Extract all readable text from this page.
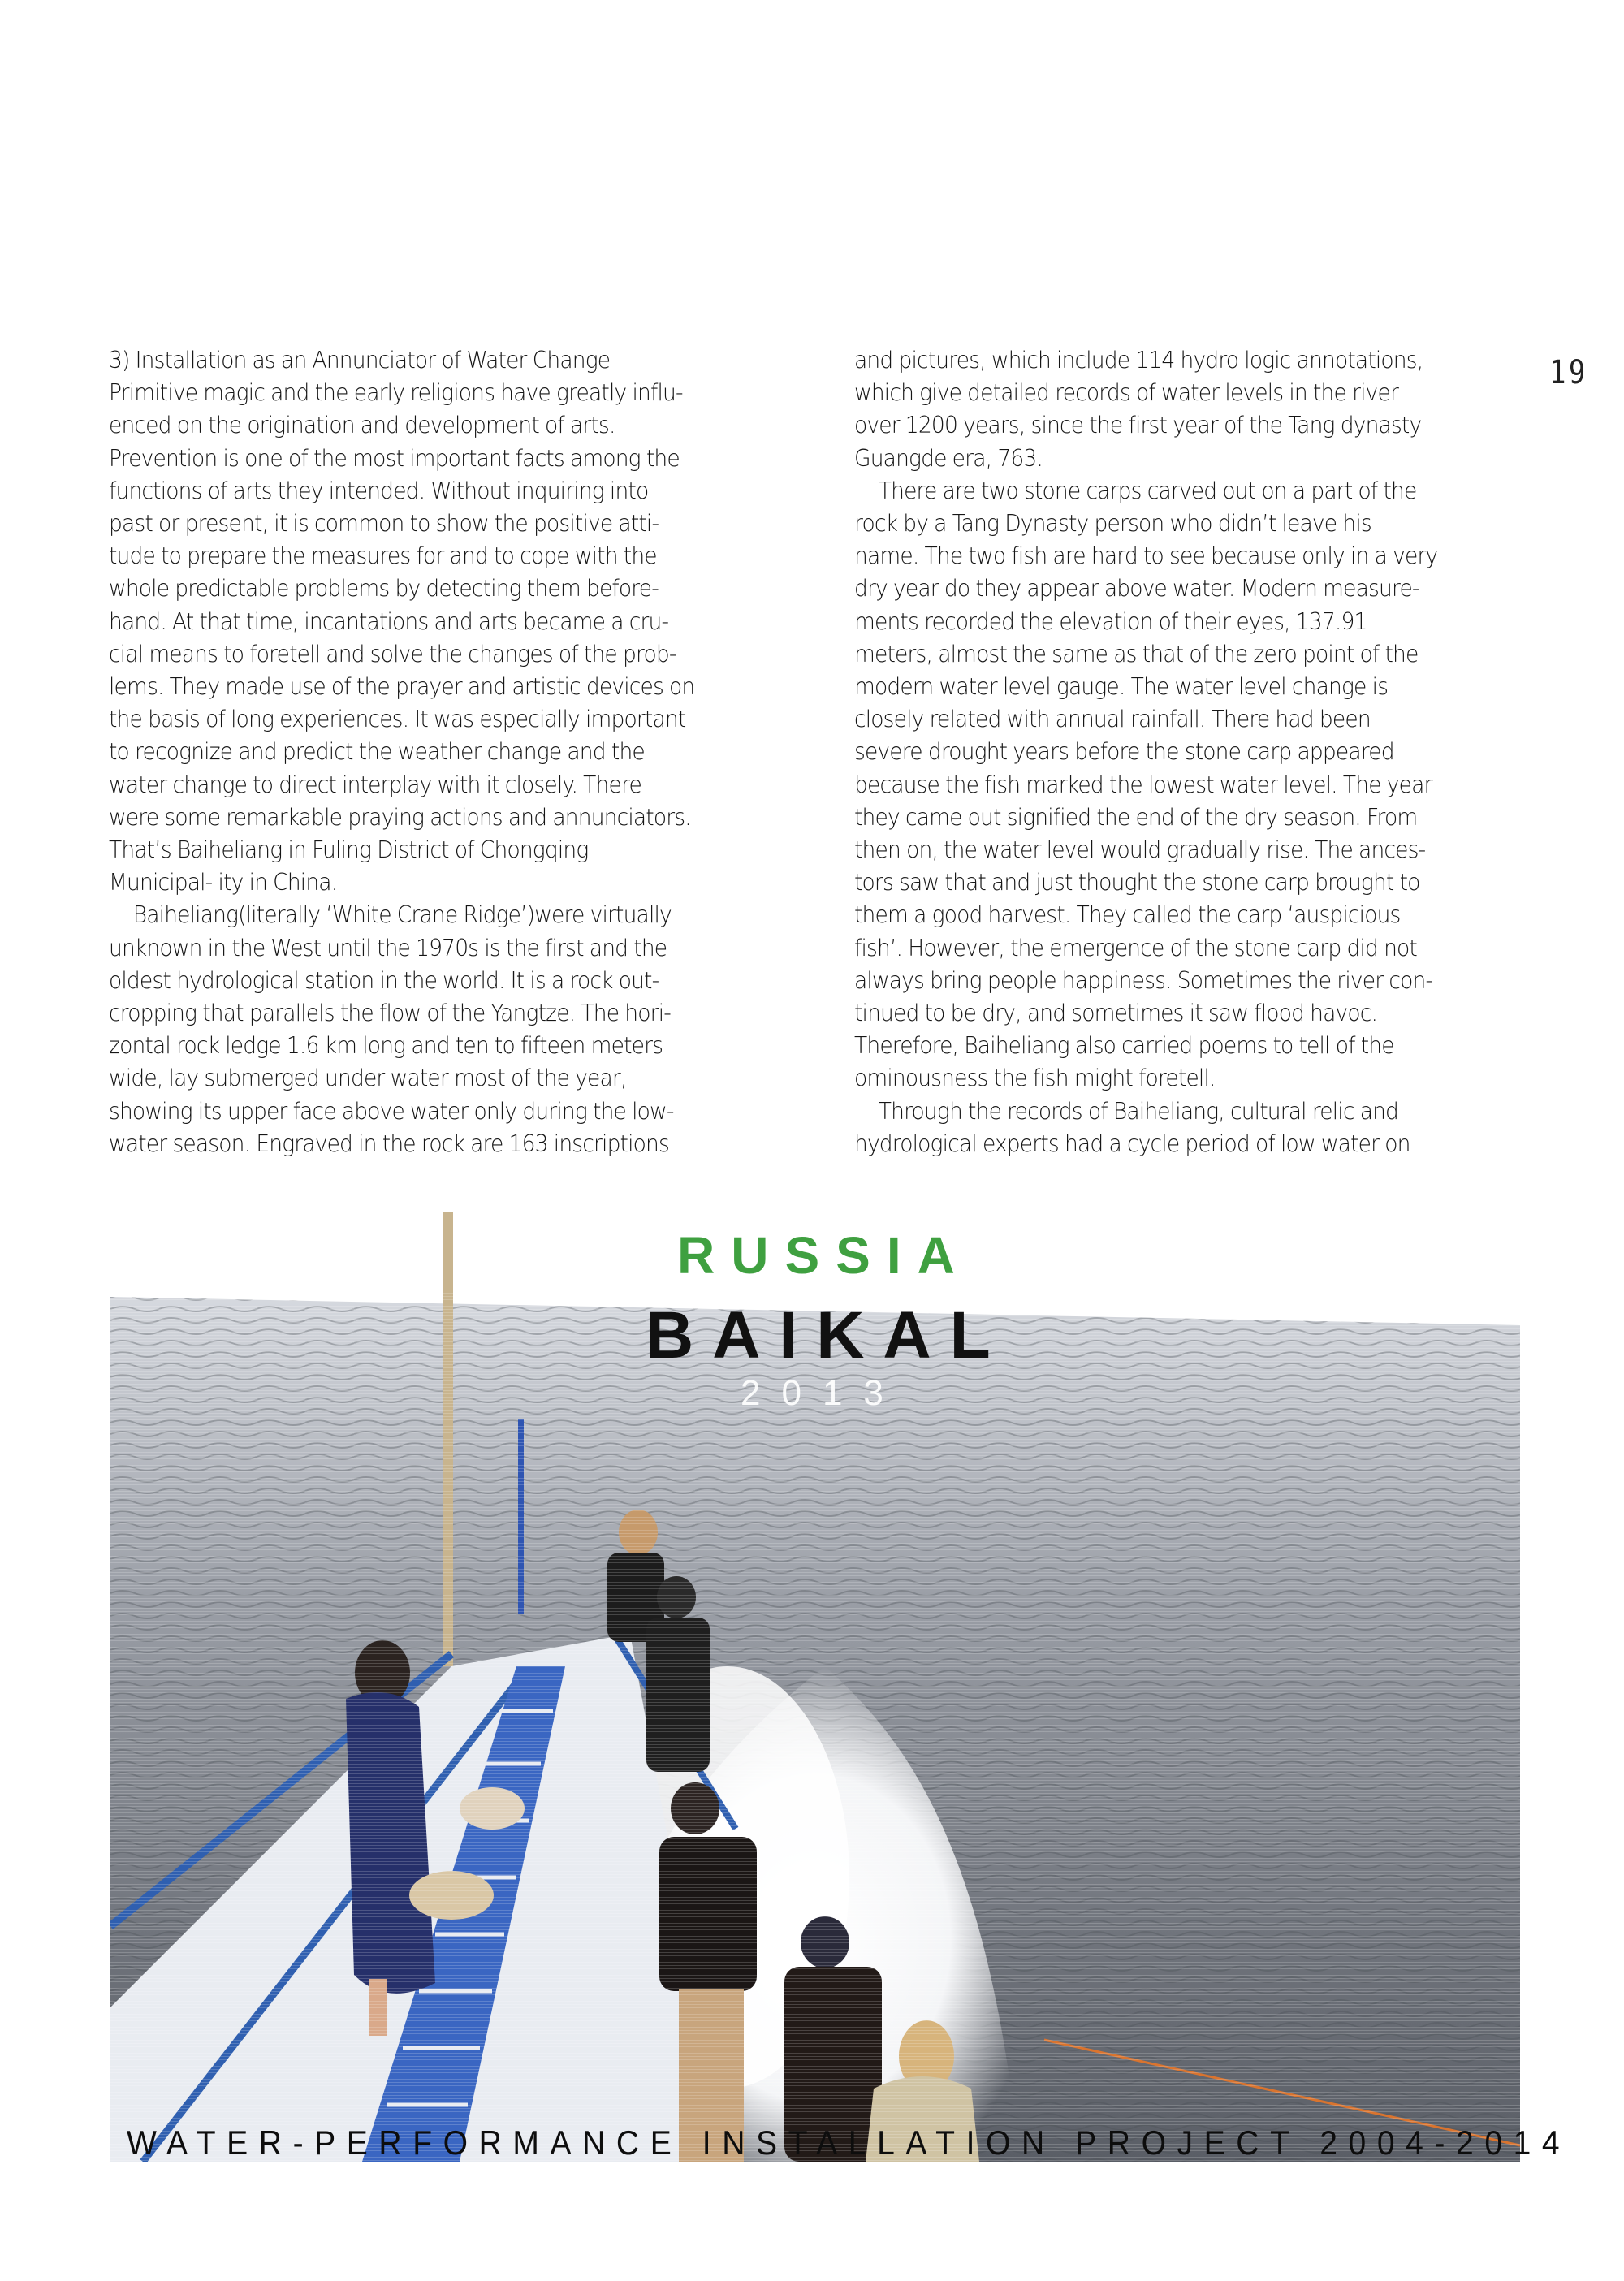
3) Installation as an Annunciator of Water Change
Primitive magic and the early religions have greatly influ-
enced on the origination and development of arts.
Prevention is one of the most important facts among the
functions of arts they intended. Without inquiring into
past or present, it is common to show the positive atti-
tude to prepare the measures for and to cope with the
whole predictable problems by detecting them before-
hand. At that time, incantations and arts became a cru-
cial means to foretell and solve the changes of the prob-
lems. They made use of the prayer and artistic devices on
the basis of long experiences. It was especially important
to recognize and predict the weather change and the
water change to direct interplay with it closely. There
were some remarkable praying actions and annunciators.
That’s Baiheliang in Fuling District of Chongqing
Municipal- ity in China.
Baiheliang(literally ‘White Crane Ridge’)were virtually
unknown in the West until the 1970s is the first and the
oldest hydrological station in the world. It is a rock out-
cropping that parallels the flow of the Yangtze. The hori-
zontal rock ledge 1.6 km long and ten to fifteen meters
wide, lay submerged under water most of the year,
showing its upper face above water only during the low-
water season. Engraved in the rock are 163 inscriptions
and pictures, which include 114 hydro logic annotations,
which give detailed records of water levels in the river
over 1200 years, since the first year of the Tang dynasty
Guangde era, 763.
There are two stone carps carved out on a part of the
rock by a Tang Dynasty person who didn’t leave his
name. The two fish are hard to see because only in a very
dry year do they appear above water. Modern measure-
ments recorded the elevation of their eyes, 137.91
meters, almost the same as that of the zero point of the
modern water level gauge. The water level change is
closely related with annual rainfall. There had been
severe drought years before the stone carp appeared
because the fish marked the lowest water level. The year
they came out signified the end of the dry season. From
then on, the water level would gradually rise. The ances-
tors saw that and just thought the stone carp brought to
them a good harvest. They called the carp ‘auspicious
fish’. However, the emergence of the stone carp did not
always bring people happiness. Sometimes the river con-
tinued to be dry, and sometimes it saw flood havoc.
Therefore, Baiheliang also carried poems to tell of the
ominousness the fish might foretell.
Through the records of Baiheliang, cultural relic and
hydrological experts had a cycle period of low water on
19
RUSSIA
BAIKAL
2013
WATER-PERFORMANCE INSTALLATION PROJECT 2004-2014
